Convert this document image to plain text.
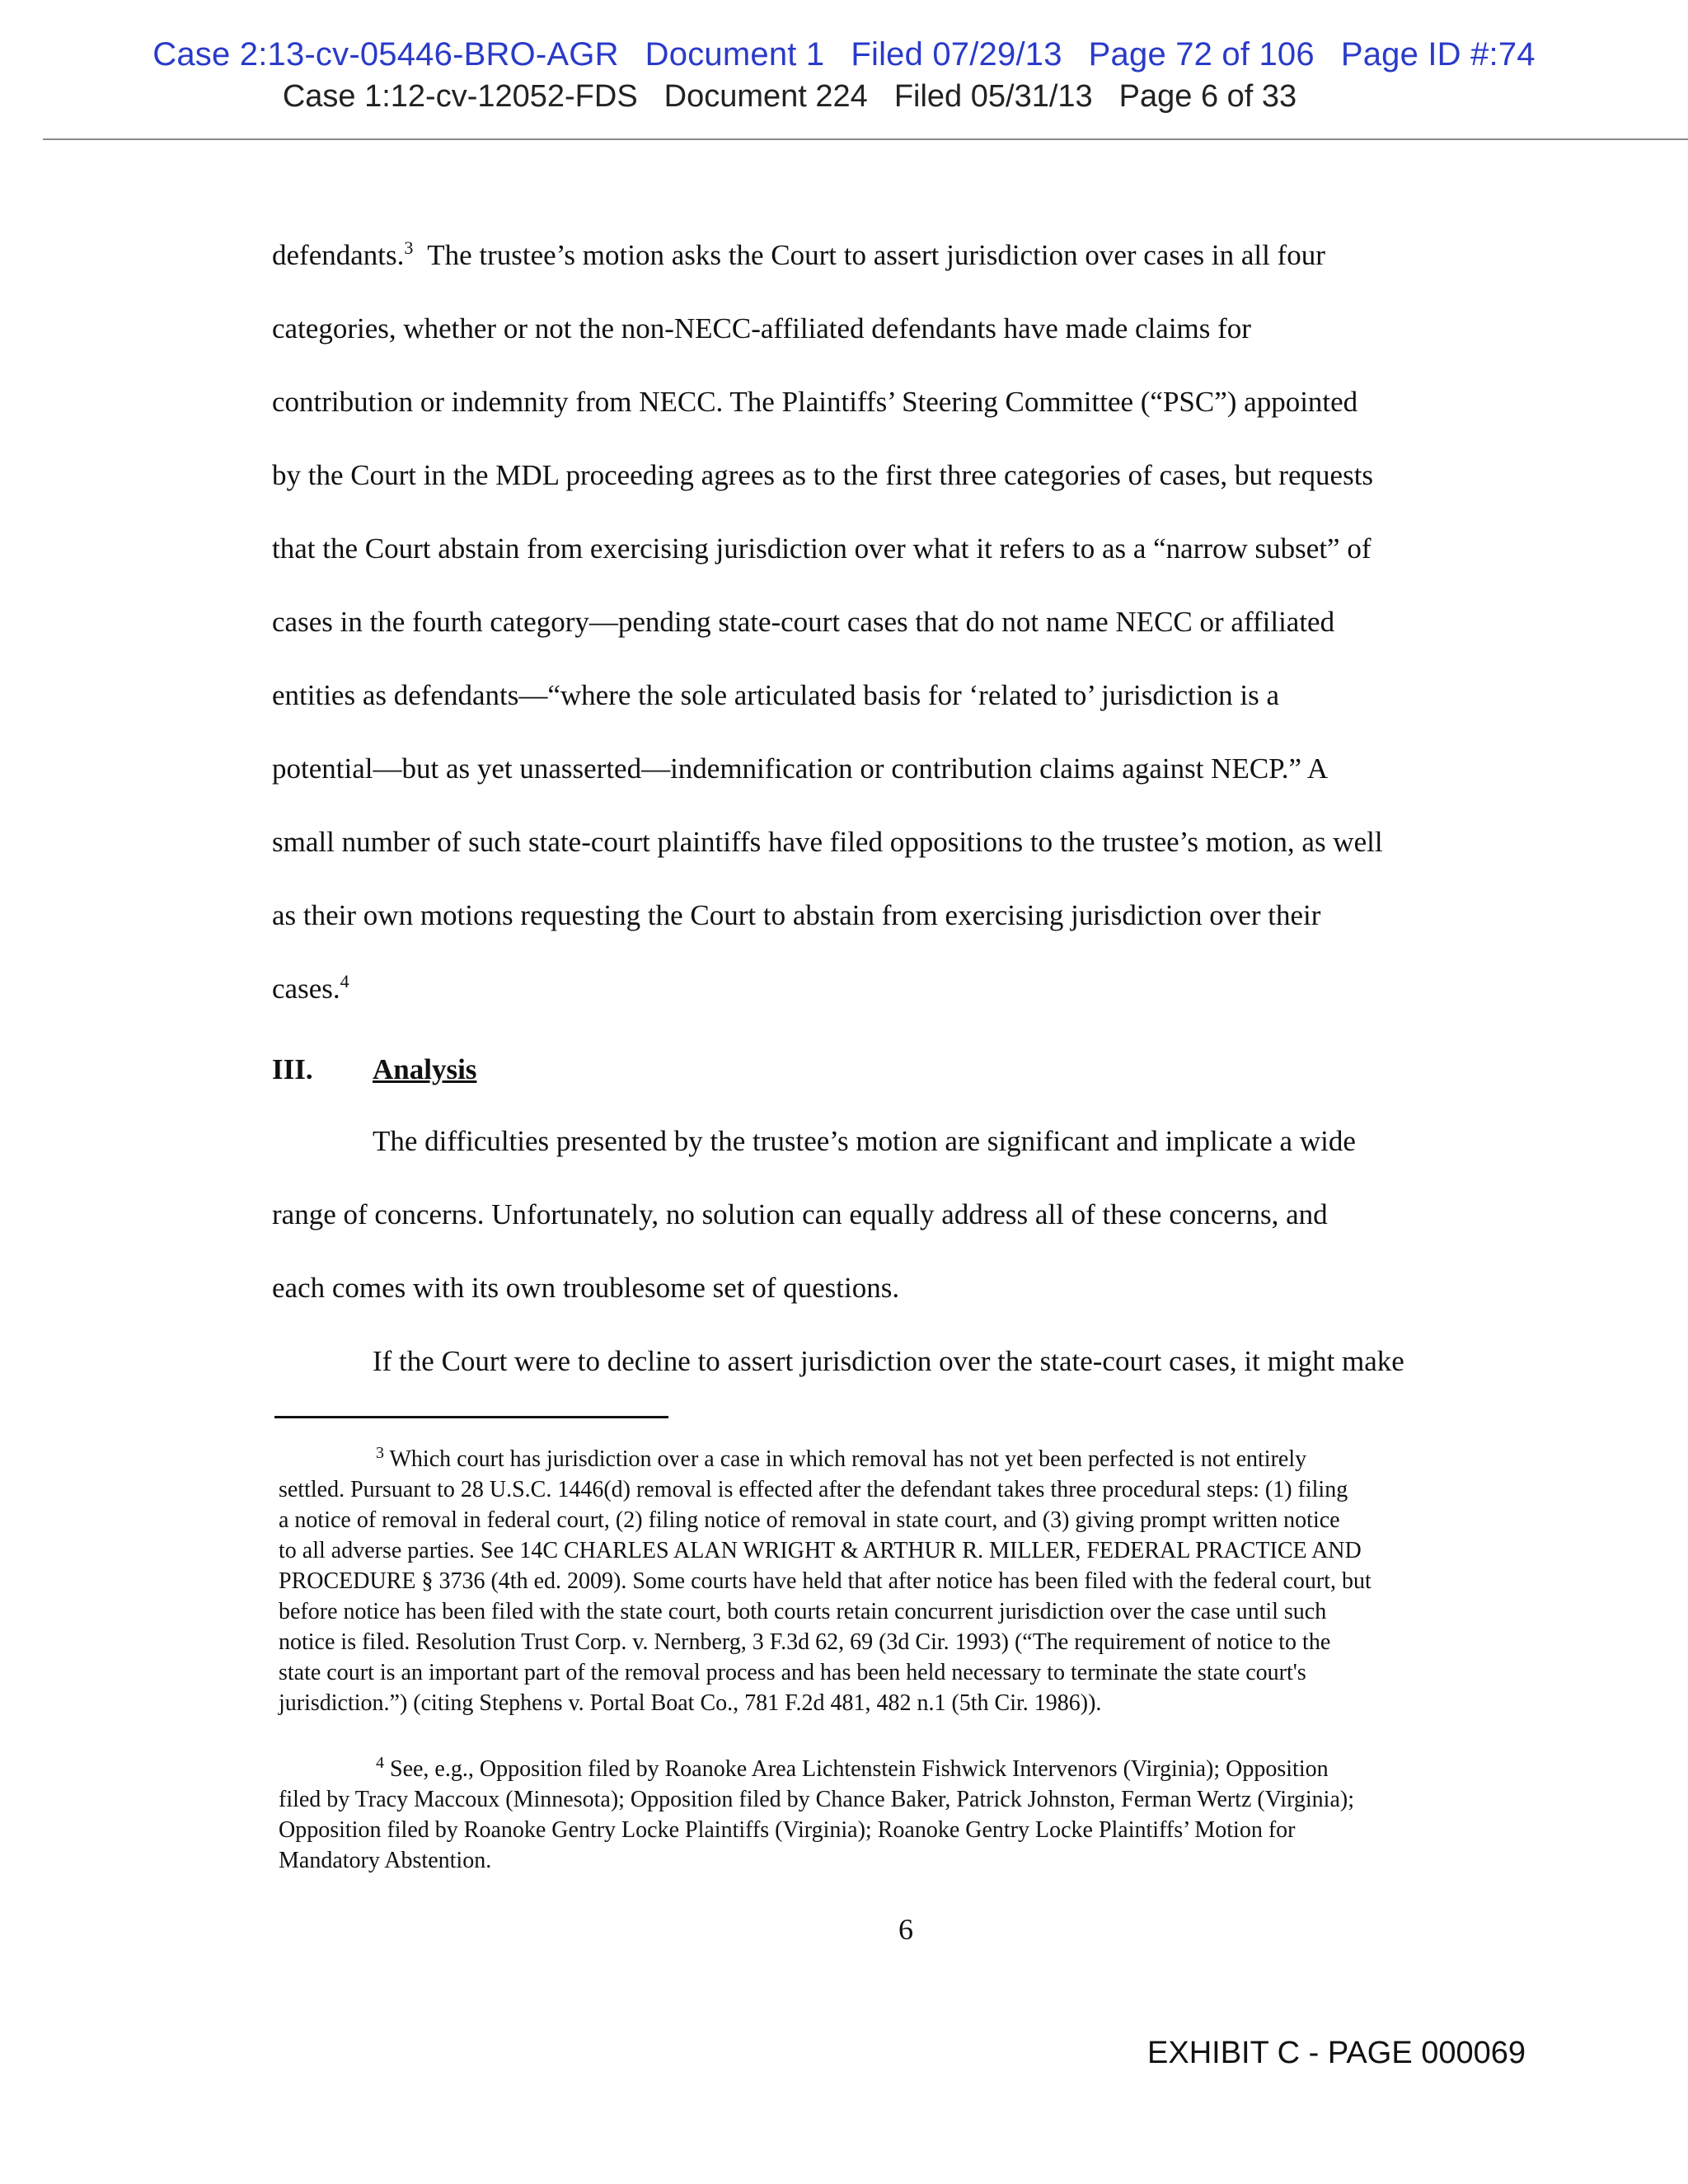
Case 2:13-cv-05446-BRO-AGR Document 1 Filed 07/29/13 Page 72 of 106 Page ID #:74
Case 1:12-cv-12052-FDS Document 224 Filed 05/31/13 Page 6 of 33
defendants.$^3$ The trustee’s motion asks the Court to assert jurisdiction over cases in all four
categories, whether or not the non-NECC-affiliated defendants have made claims for
contribution or indemnity from NECC. The Plaintiffs’ Steering Committee (“PSC”) appointed
by the Court in the MDL proceeding agrees as to the first three categories of cases, but requests
that the Court abstain from exercising jurisdiction over what it refers to as a “narrow subset” of
cases in the fourth category—pending state-court cases that do not name NECC or affiliated
entities as defendants—“where the sole articulated basis for ‘related to’ jurisdiction is a
potential—but as yet unasserted—indemnification or contribution claims against NECP.” A
small number of such state-court plaintiffs have filed oppositions to the trustee’s motion, as well
as their own motions requesting the Court to abstain from exercising jurisdiction over their
cases.$^4$
III. Analysis
The difficulties presented by the trustee’s motion are significant and implicate a wide
range of concerns. Unfortunately, no solution can equally address all of these concerns, and
each comes with its own troublesome set of questions.
If the Court were to decline to assert jurisdiction over the state-court cases, it might make
$^3$ Which court has jurisdiction over a case in which removal has not yet been perfected is not entirely
settled. Pursuant to 28 U.S.C. 1446(d) removal is effected after the defendant takes three procedural steps: (1) filing
a notice of removal in federal court, (2) filing notice of removal in state court, and (3) giving prompt written notice
to all adverse parties. See 14C CHARLES ALAN WRIGHT & ARTHUR R. MILLER, FEDERAL PRACTICE AND
PROCEDURE § 3736 (4th ed. 2009). Some courts have held that after notice has been filed with the federal court, but
before notice has been filed with the state court, both courts retain concurrent jurisdiction over the case until such
notice is filed. Resolution Trust Corp. v. Nernberg, 3 F.3d 62, 69 (3d Cir. 1993) (“The requirement of notice to the
state court is an important part of the removal process and has been held necessary to terminate the state court's
jurisdiction.”) (citing Stephens v. Portal Boat Co., 781 F.2d 481, 482 n.1 (5th Cir. 1986)).
$^4$ See, e.g., Opposition filed by Roanoke Area Lichtenstein Fishwick Intervenors (Virginia); Opposition
filed by Tracy Maccoux (Minnesota); Opposition filed by Chance Baker, Patrick Johnston, Ferman Wertz (Virginia);
Opposition filed by Roanoke Gentry Locke Plaintiffs (Virginia); Roanoke Gentry Locke Plaintiffs’ Motion for
Mandatory Abstention.
6
EXHIBIT C - PAGE 000069
